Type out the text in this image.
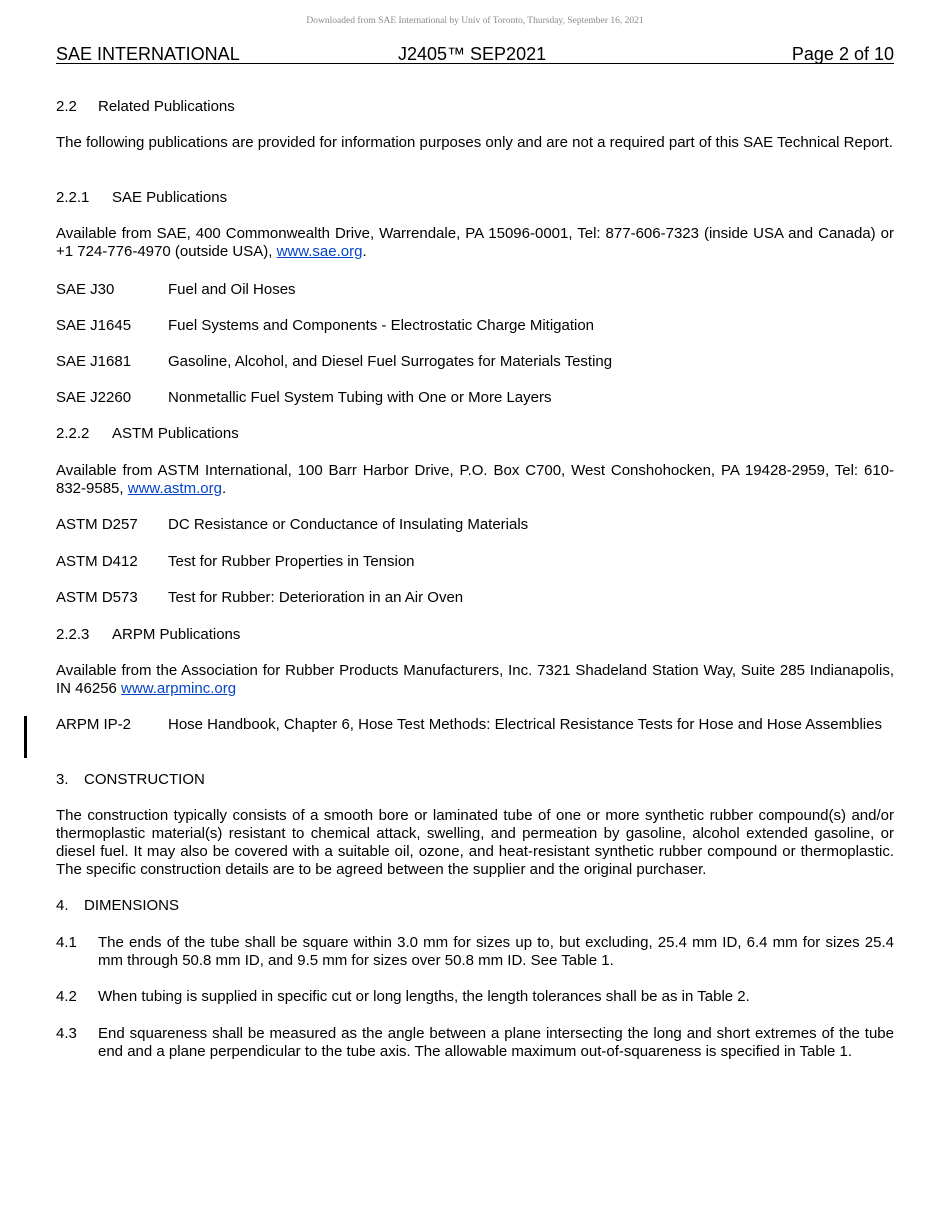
Downloaded from SAE International by Univ of Toronto, Thursday, September 16, 2021
SAE INTERNATIONAL	J2405™ SEP2021	Page 2 of 10
2.2 Related Publications
The following publications are provided for information purposes only and are not a required part of this SAE Technical Report.
2.2.1 SAE Publications
Available from SAE, 400 Commonwealth Drive, Warrendale, PA 15096-0001, Tel: 877-606-7323 (inside USA and Canada) or +1 724-776-4970 (outside USA), www.sae.org.
SAE J30	Fuel and Oil Hoses
SAE J1645 Fuel Systems and Components - Electrostatic Charge Mitigation
SAE J1681 Gasoline, Alcohol, and Diesel Fuel Surrogates for Materials Testing
SAE J2260 Nonmetallic Fuel System Tubing with One or More Layers
2.2.2 ASTM Publications
Available from ASTM International, 100 Barr Harbor Drive, P.O. Box C700, West Conshohocken, PA 19428-2959, Tel: 610-832-9585, www.astm.org.
ASTM D257 DC Resistance or Conductance of Insulating Materials
ASTM D412 Test for Rubber Properties in Tension
ASTM D573 Test for Rubber: Deterioration in an Air Oven
2.2.3 ARPM Publications
Available from the Association for Rubber Products Manufacturers, Inc. 7321 Shadeland Station Way, Suite 285 Indianapolis, IN 46256 www.arpminc.org
ARPM IP-2 Hose Handbook, Chapter 6, Hose Test Methods: Electrical Resistance Tests for Hose and Hose Assemblies
3. CONSTRUCTION
The construction typically consists of a smooth bore or laminated tube of one or more synthetic rubber compound(s) and/or thermoplastic material(s) resistant to chemical attack, swelling, and permeation by gasoline, alcohol extended gasoline, or diesel fuel. It may also be covered with a suitable oil, ozone, and heat-resistant synthetic rubber compound or thermoplastic. The specific construction details are to be agreed between the supplier and the original purchaser.
4. DIMENSIONS
4.1 The ends of the tube shall be square within 3.0 mm for sizes up to, but excluding, 25.4 mm ID, 6.4 mm for sizes 25.4 mm through 50.8 mm ID, and 9.5 mm for sizes over 50.8 mm ID. See Table 1.
4.2 When tubing is supplied in specific cut or long lengths, the length tolerances shall be as in Table 2.
4.3 End squareness shall be measured as the angle between a plane intersecting the long and short extremes of the tube end and a plane perpendicular to the tube axis. The allowable maximum out-of-squareness is specified in Table 1.
